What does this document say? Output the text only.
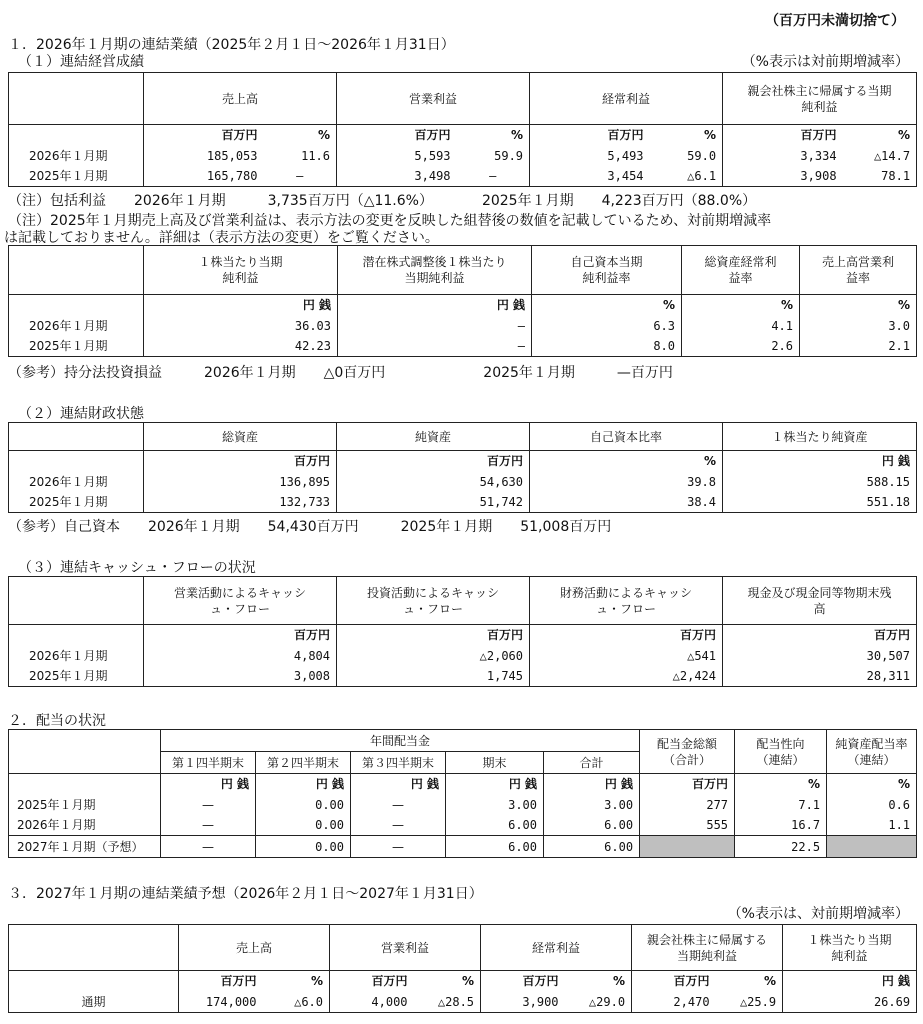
（百万円未満切捨て）
１．2026年１月期の連結業績（2025年２月１日～2026年１月31日）
（１）連結経営成績	（%表示は対前期増減率）
	売上高		営業利益		経常利益		親会社株主に帰属する当期純利益	
	百万円	%	百万円	%	百万円	%	百万円	%
2026年１月期	185,053	11.6	5,593	59.9	5,493	59.0	3,334	△14.7
2025年１月期	165,780	—	3,498	—	3,454	△6.1	3,908	78.1
（注）包括利益　　2026年１月期　　　3,735百万円（△11.6%）　　　　2025年１月期　　4,223百万円（88.0%）
（注）2025年１月期売上高及び営業利益は、表示方法の変更を反映した組替後の数値を記載しているため、対前期増減率
は記載しておりません。詳細は（表示方法の変更）をご覧ください。
	１株当たり当期純利益	潜在株式調整後１株当たり当期純利益	自己資本当期純利益率	総資産経常利益率	売上高営業利益率
	円 銭	円 銭	%	%	%
2026年１月期	36.03	—	6.3	4.1	3.0
2025年１月期	42.23	—	8.0	2.6	2.1
（参考）持分法投資損益　　　2026年１月期　　△0百万円　　　　　　　2025年１月期　　　—百万円
（２）連結財政状態
	総資産	純資産	自己資本比率	１株当たり純資産
	百万円	百万円	%	円 銭
2026年１月期	136,895	54,630	39.8	588.15
2025年１月期	132,733	51,742	38.4	551.18
（参考）自己資本　　2026年１月期　　54,430百万円　　　2025年１月期　　51,008百万円
（３）連結キャッシュ・フローの状況
	営業活動によるキャッシュ・フロー	投資活動によるキャッシュ・フロー	財務活動によるキャッシュ・フロー	現金及び現金同等物期末残高
	百万円	百万円	百万円	百万円
2026年１月期	4,804	△2,060	△541	30,507
2025年１月期	3,008	1,745	△2,424	28,311
２．配当の状況
	年間配当金					配当金総額（合計）	配当性向（連結）	純資産配当率（連結）
	第１四半期末	第２四半期末	第３四半期末	期末	合計			
	円 銭	円 銭	円 銭	円 銭	円 銭	百万円	%	%
2025年１月期	—	0.00	—	3.00	3.00	277	7.1	0.6
2026年１月期	—	0.00	—	6.00	6.00	555	16.7	1.1
2027年１月期（予想）	—	0.00	—	6.00	6.00		22.5	
３．2027年１月期の連結業績予想（2026年２月１日～2027年１月31日）
（%表示は、対前期増減率）
	売上高		営業利益		経常利益		親会社株主に帰属する当期純利益		１株当たり当期純利益
	百万円	%	百万円	%	百万円	%	百万円	%	円 銭
通期	174,000	△6.0	4,000	△28.5	3,900	△29.0	2,470	△25.9	26.69
